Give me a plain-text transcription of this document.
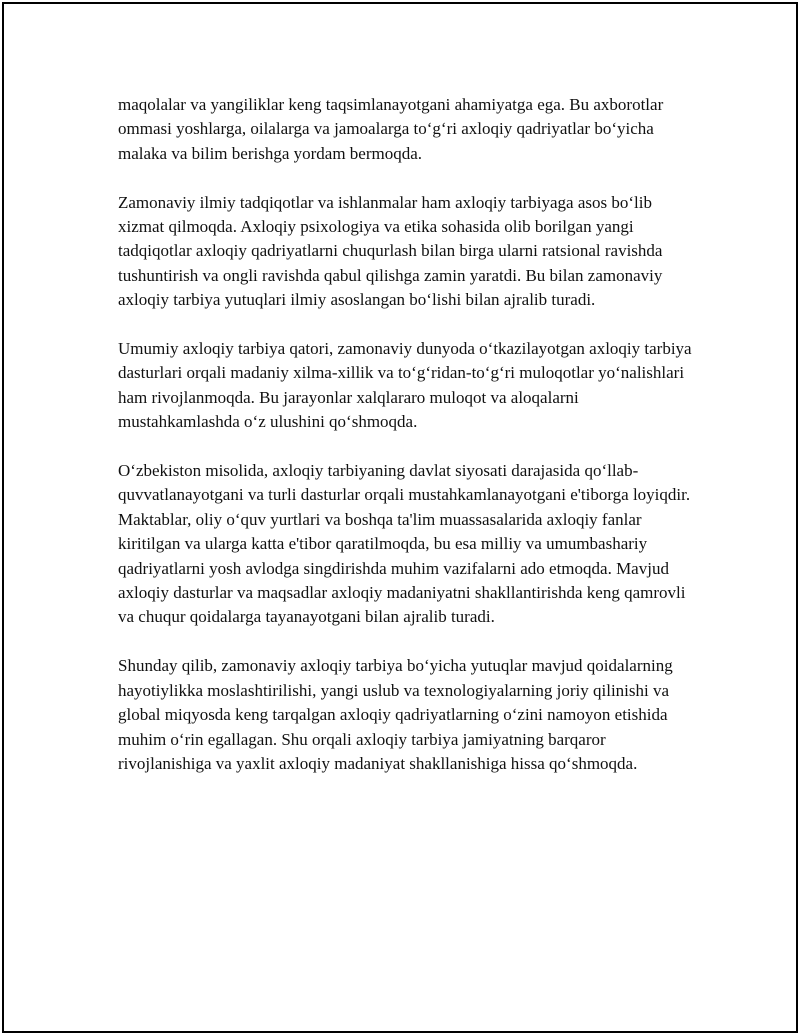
maqolalar va yangiliklar keng taqsimlanayotgani ahamiyatga ega. Bu axborotlar ommasi yoshlarga, oilalarga va jamoalarga to‘g‘ri axloqiy qadriyatlar bo‘yicha malaka va bilim berishga yordam bermoqda.

Zamonaviy ilmiy tadqiqotlar va ishlanmalar ham axloqiy tarbiyaga asos bo‘lib xizmat qilmoqda. Axloqiy psixologiya va etika sohasida olib borilgan yangi tadqiqotlar axloqiy qadriyatlarni chuqurlash bilan birga ularni ratsional ravishda tushuntirish va ongli ravishda qabul qilishga zamin yaratdi. Bu bilan zamonaviy axloqiy tarbiya yutuqlari ilmiy asoslangan bo‘lishi bilan ajralib turadi.

Umumiy axloqiy tarbiya qatori, zamonaviy dunyoda o‘tkazilayotgan axloqiy tarbiya dasturlari orqali madaniy xilma-xillik va to‘g‘ridan-to‘g‘ri muloqotlar yo‘nalishlari ham rivojlanmoqda. Bu jarayonlar xalqlararo muloqot va aloqalarni mustahkamlashda o‘z ulushini qo‘shmoqda.

O‘zbekiston misolida, axloqiy tarbiyaning davlat siyosati darajasida qo‘llab-quvvatlanayotgani va turli dasturlar orqali mustahkamlanayotgani e'tiborga loyiqdir. Maktablar, oliy o‘quv yurtlari va boshqa ta'lim muassasalarida axloqiy fanlar kiritilgan va ularga katta e'tibor qaratilmoqda, bu esa milliy va umumbashariy qadriyatlarni yosh avlodga singdirishda muhim vazifalarni ado etmoqda. Mavjud axloqiy dasturlar va maqsadlar axloqiy madaniyatni shakllantirishda keng qamrovli va chuqur qoidalarga tayanayotgani bilan ajralib turadi.

Shunday qilib, zamonaviy axloqiy tarbiya bo‘yicha yutuqlar mavjud qoidalarning hayotiylikka moslashtirilishi, yangi uslub va texnologiyalarning joriy qilinishi va global miqyosda keng tarqalgan axloqiy qadriyatlarning o‘zini namoyon etishida muhim o‘rin egallagan. Shu orqali axloqiy tarbiya jamiyatning barqaror rivojlanishiga va yaxlit axloqiy madaniyat shakllanishiga hissa qo‘shmoqda.
